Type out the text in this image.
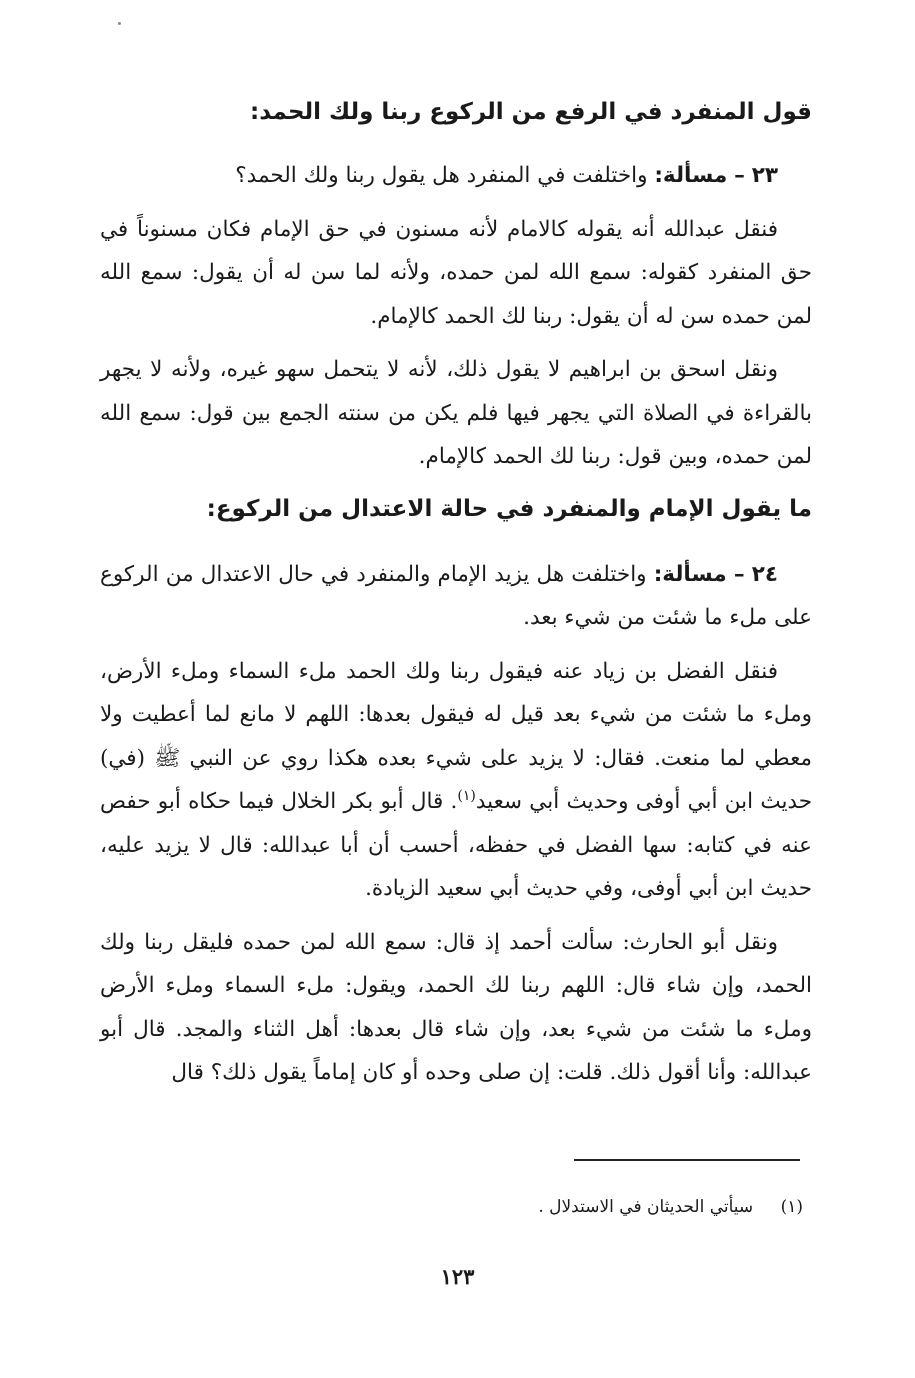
قول المنفرد في الرفع من الركوع ربنا ولك الحمد:

٢٣ – مسألة: واختلفت في المنفرد هل يقول ربنا ولك الحمد؟

فنقل عبدالله أنه يقوله كالامام لأنه مسنون في حق الإمام فكان مسنوناً في حق المنفرد كقوله: سمع الله لمن حمده، ولأنه لما سن له أن يقول: سمع الله لمن حمده سن له أن يقول: ربنا لك الحمد كالإمام.

ونقل اسحق بن ابراهيم لا يقول ذلك، لأنه لا يتحمل سهو غيره، ولأنه لا يجهر بالقراءة في الصلاة التي يجهر فيها فلم يكن من سنته الجمع بين قول: سمع الله لمن حمده، وبين قول: ربنا لك الحمد كالإمام.

ما يقول الإمام والمنفرد في حالة الاعتدال من الركوع:

٢٤ – مسألة: واختلفت هل يزيد الإمام والمنفرد في حال الاعتدال من الركوع على ملء ما شئت من شيء بعد.

فنقل الفضل بن زياد عنه فيقول ربنا ولك الحمد ملء السماء وملء الأرض، وملء ما شئت من شيء بعد قيل له فيقول بعدها: اللهم لا مانع لما أعطيت ولا معطي لما منعت. فقال: لا يزيد على شيء بعده هكذا روي عن النبي ﷺ (في) حديث ابن أبي أوفى وحديث أبي سعيد$^{(١)}$. قال أبو بكر الخلال فيما حكاه أبو حفص عنه في كتابه: سها الفضل في حفظه، أحسب أن أبا عبدالله: قال لا يزيد عليه، حديث ابن أبي أوفى، وفي حديث أبي سعيد الزيادة.

ونقل أبو الحارث: سألت أحمد إذ قال: سمع الله لمن حمده فليقل ربنا ولك الحمد، وإن شاء قال: اللهم ربنا لك الحمد، ويقول: ملء السماء وملء الأرض وملء ما شئت من شيء بعد، وإن شاء قال بعدها: أهل الثناء والمجد. قال أبو عبدالله: وأنا أقول ذلك. قلت: إن صلى وحده أو كان إماماً يقول ذلك؟ قال

(١) سيأتي الحديثان في الاستدلال .
١٢٣
